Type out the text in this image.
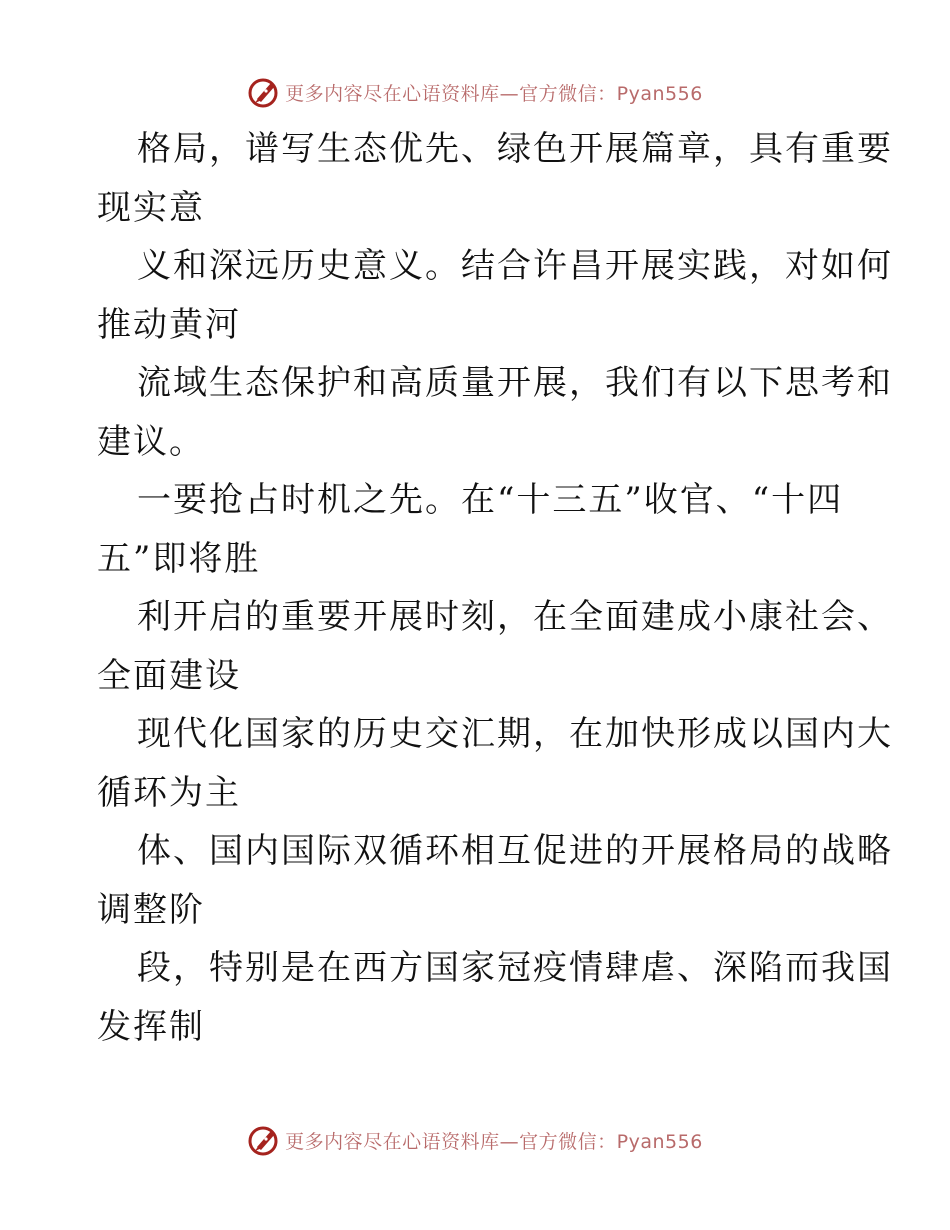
更多内容尽在心语资料库—官方微信：Pyan556
格局，谱写生态优先、绿色开展篇章，具有重要
现实意
义和深远历史意义。结合许昌开展实践，对如何
推动黄河
流域生态保护和高质量开展，我们有以下思考和
建议。
一要抢占时机之先。在“十三五”收官、“十四
五”即将胜
利开启的重要开展时刻，在全面建成小康社会、
全面建设
现代化国家的历史交汇期，在加快形成以国内大
循环为主
体、国内国际双循环相互促进的开展格局的战略
调整阶
段，特别是在西方国家冠疫情肆虐、深陷而我国
发挥制
更多内容尽在心语资料库—官方微信：Pyan556
